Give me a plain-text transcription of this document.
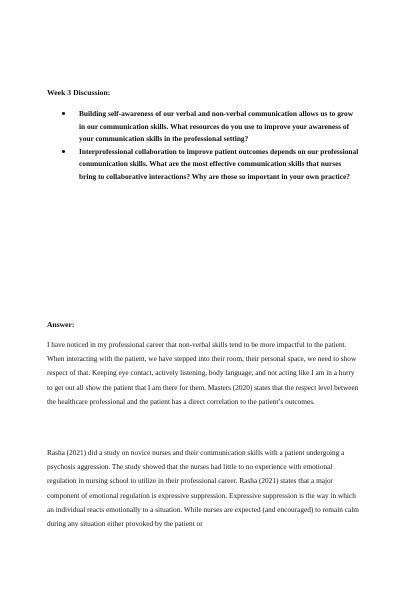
Week 3 Discussion:
Building self-awareness of our verbal and non-verbal communication allows us to grow in our communication skills. What resources do you use to improve your awareness of your communication skills in the professional setting?
Interprofessional collaboration to improve patient outcomes depends on our professional communication skills. What are the most effective communication skills that nurses bring to collaborative interactions? Why are those so important in your own practice?
Answer:

I have noticed in my professional career that non-verbal skills tend to be more impactful to the patient. When interacting with the patient, we have stepped into their room, their personal space, we need to show respect of that. Keeping eye contact, actively listening, body language, and not acting like I am in a hurry to get out all show the patient that I am there for them. Masters (2020) states that the respect level between the healthcare professional and the patient has a direct correlation to the patient’s outcomes.

Rasha (2021) did a study on novice nurses and their communication skills with a patient undergoing a psychosis aggression. The study showed that the nurses had little to no experience with emotional regulation in nursing school to utilize in their professional career. Rasha (2021) states that a major component of emotional regulation is expressive suppression. Expressive suppression is the way in which an individual reacts emotionally to a situation. While nurses are expected (and encouraged) to remain calm during any situation either provoked by the patient or
